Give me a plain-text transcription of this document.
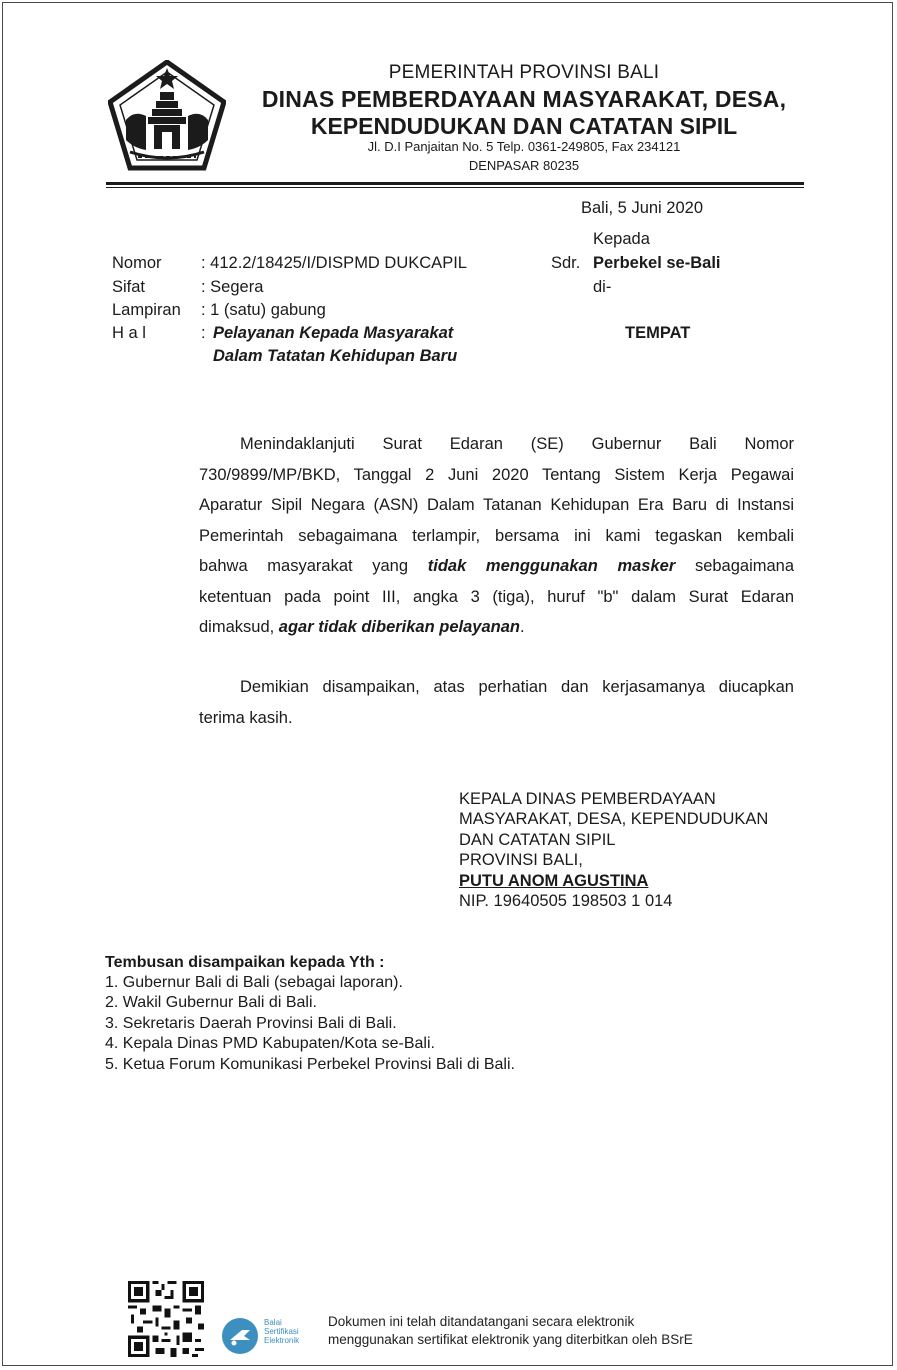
PEMERINTAH PROVINSI BALI
DINAS PEMBERDAYAAN MASYARAKAT, DESA,
KEPENDUDUKAN DAN CATATAN SIPIL
Jl. D.I Panjaitan No. 5 Telp. 0361-249805, Fax 234121
DENPASAR 80235
Bali, 5 Juni 2020
Kepada
Sdr. Perbekel se-Bali
di-
TEMPAT
Nomor : 412.2/18425/I/DISPMD DUKCAPIL
Sifat	: Segera
Lampiran : 1 (satu) gabung
H a l	: Pelayanan Kepada Masyarakat
Dalam Tatatan Kehidupan Baru
Menindaklanjuti Surat Edaran (SE) Gubernur Bali Nomor
730/9899/MP/BKD, Tanggal 2 Juni 2020 Tentang Sistem Kerja Pegawai
Aparatur Sipil Negara (ASN) Dalam Tatanan Kehidupan Era Baru di Instansi
Pemerintah sebagaimana terlampir, bersama ini kami tegaskan kembali
bahwa masyarakat yang tidak menggunakan masker sebagaimana
ketentuan pada point III, angka 3 (tiga), huruf "b" dalam Surat Edaran
dimaksud, agar tidak diberikan pelayanan.
Demikian disampaikan, atas perhatian dan kerjasamanya diucapkan
terima kasih.
KEPALA DINAS PEMBERDAYAAN
MASYARAKAT, DESA, KEPENDUDUKAN
DAN CATATAN SIPIL
PROVINSI BALI,
PUTU ANOM AGUSTINA
NIP. 19640505 198503 1 014
Tembusan disampaikan kepada Yth :
1. Gubernur Bali di Bali (sebagai laporan).
2. Wakil Gubernur Bali di Bali.
3. Sekretaris Daerah Provinsi Bali di Bali.
4. Kepala Dinas PMD Kabupaten/Kota se-Bali.
5. Ketua Forum Komunikasi Perbekel Provinsi Bali di Bali.
Balai
Sertifikasi
Elektronik
Dokumen ini telah ditandatangani secara elektronik
menggunakan sertifikat elektronik yang diterbitkan oleh BSrE
